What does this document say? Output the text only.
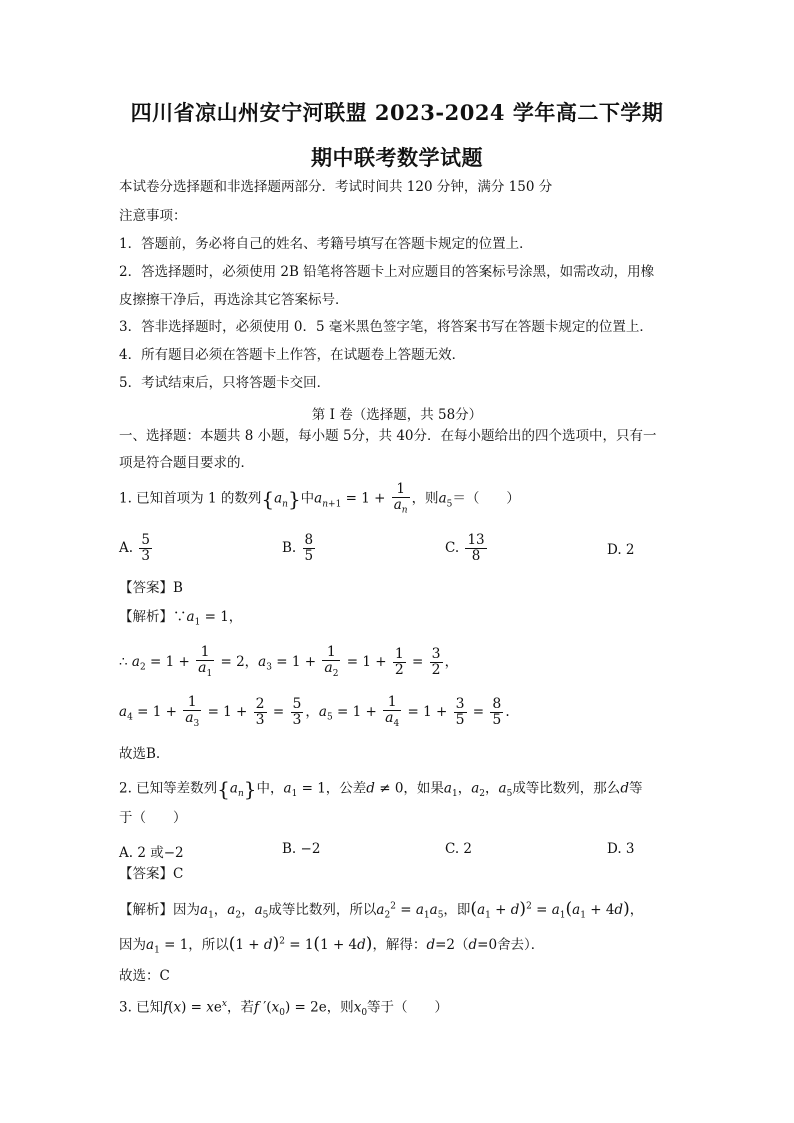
四川省凉山州安宁河联盟 2023-2024 学年高二下学期
期中联考数学试题
本试卷分选择题和非选择题两部分．考试时间共 120 分钟，满分 150 分
注意事项：
1．答题前，务必将自己的姓名、考籍号填写在答题卡规定的位置上．
2．答选择题时，必须使用 2B 铅笔将答题卡上对应题目的答案标号涂黑，如需改动，用橡
皮擦擦干净后，再选涂其它答案标号．
3．答非选择题时，必须使用 0．5 毫米黑色签字笔，将答案书写在答题卡规定的位置上．
4．所有题目必须在答题卡上作答，在试题卷上答题无效．
5．考试结束后，只将答题卡交回．
第 I 卷（选择题，共 58分）
一、选择题：本题共 8 小题，每小题 5分，共 40分．在每小题给出的四个选项中，只有一
项是符合题目要求的．
1. 已知首项为 1 的数列$\{a_n\}$中$a_{n+1} = 1 + \frac{1}{a_n}$ ，则$a_5=$（　　）
A. $\frac{5}{3}$	B. $\frac{8}{5}$	C. $\frac{13}{8}$	D. 2
【答案】B
【解析】$\because a_1 = 1$，
∴ $a_2 = 1 + \frac{1}{a_1} = 2$，$a_3 = 1 + \frac{1}{a_2} = 1 + \frac{1}{2} = \frac{3}{2}$ ，
$a_4 = 1 + \frac{1}{a_3} = 1 + \frac{2}{3} = \frac{5}{3}$ ，$a_5 = 1 + \frac{1}{a_4} = 1 + \frac{3}{5} = \frac{8}{5}$ .
故选B.
2. 已知等差数列$\{a_n\}$中，$a_1 = 1$，公差d ≠ 0，如果$a_1$，$a_2$，$a_5$成等比数列，那么d等
于（　　）
A. 2 或−2	B. −2	C. 2	D. 3
【答案】C
【解析】因为$a_1$，$a_2$，$a_5$成等比数列，所以$a_2^2 = a_1a_5$，即$(a_1 + d)^2 = a_1(a_1 + 4d)$，
因为$a_1 = 1$，所以$(1 + d)^2 = 1(1 + 4d)$，解得：d=2（d=0舍去）．
故选：C
3. 已知$f(x) = xe^x$，若f $'(x_0) = 2e$，则$x_0$等于（　　）
